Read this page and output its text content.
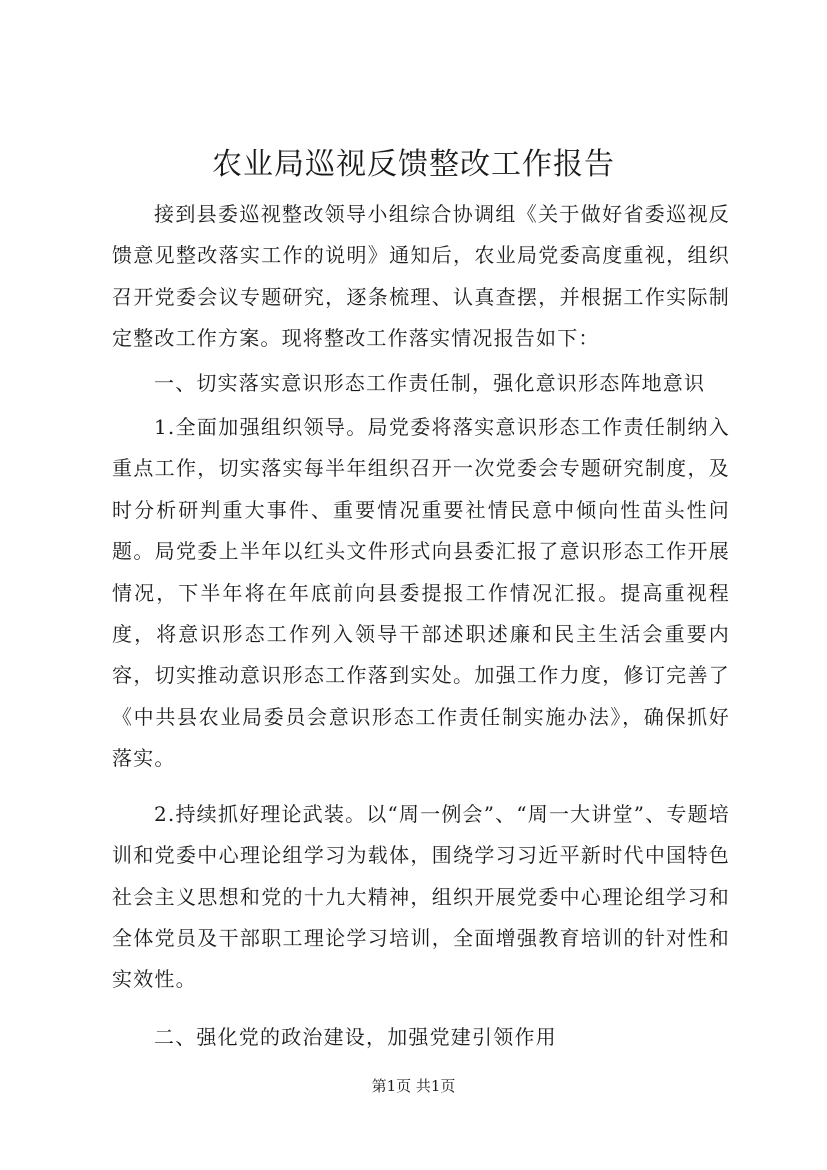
农业局巡视反馈整改工作报告

接到县委巡视整改领导小组综合协调组《关于做好省委巡视反馈意见整改落实工作的说明》通知后，农业局党委高度重视，组织召开党委会议专题研究，逐条梳理、认真查摆，并根据工作实际制定整改工作方案。现将整改工作落实情况报告如下：

一、切实落实意识形态工作责任制，强化意识形态阵地意识

1.全面加强组织领导。局党委将落实意识形态工作责任制纳入重点工作，切实落实每半年组织召开一次党委会专题研究制度，及时分析研判重大事件、重要情况重要社情民意中倾向性苗头性问题。局党委上半年以红头文件形式向县委汇报了意识形态工作开展情况，下半年将在年底前向县委提报工作情况汇报。提高重视程度，将意识形态工作列入领导干部述职述廉和民主生活会重要内容，切实推动意识形态工作落到实处。加强工作力度，修订完善了《中共县农业局委员会意识形态工作责任制实施办法》，确保抓好落实。

2.持续抓好理论武装。以“周一例会”、“周一大讲堂”、专题培训和党委中心理论组学习为载体，围绕学习习近平新时代中国特色社会主义思想和党的十九大精神，组织开展党委中心理论组学习和全体党员及干部职工理论学习培训，全面增强教育培训的针对性和实效性。

二、强化党的政治建设，加强党建引领作用

第1页 共1页
